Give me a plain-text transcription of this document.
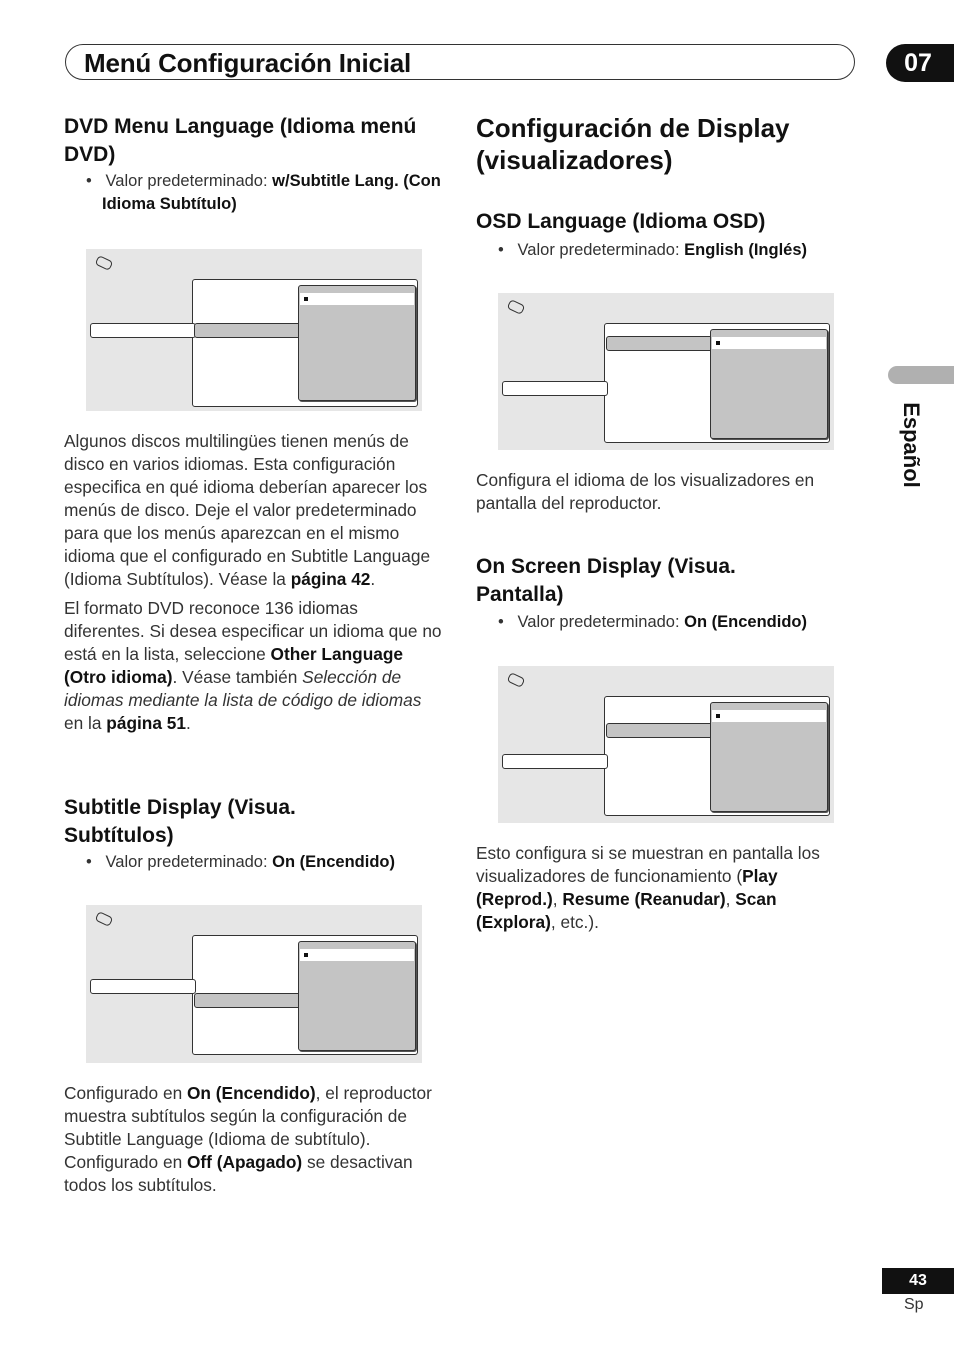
Menú Configuración Inicial	07
Español
DVD Menu Language (Idioma menú DVD)
•   Valor predeterminado: w/Subtitle Lang. (Con Idioma Subtítulo)

Algunos discos multilingües tienen menús de disco en varios idiomas. Esta configuración especifica en qué idioma deberían aparecer los menús de disco. Deje el valor predeterminado para que los menús aparezcan en el mismo idioma que el configurado en Subtitle Language (Idioma Subtítulos). Véase la página 42.

El formato DVD reconoce 136 idiomas diferentes. Si desea especificar un idioma que no está en la lista, seleccione Other Language (Otro idioma). Véase también Selección de idiomas mediante la lista de código de idiomas en la página 51.

Subtitle Display (Visua. Subtítulos)
•   Valor predeterminado: On (Encendido)

Configurado en On (Encendido), el reproductor muestra subtítulos según la configuración de Subtitle Language (Idioma de subtítulo). Configurado en Off (Apagado) se desactivan todos los subtítulos.

Configuración de Display (visualizadores)
OSD Language (Idioma OSD)
•   Valor predeterminado: English (Inglés)

Configura el idioma de los visualizadores en pantalla del reproductor.

On Screen Display (Visua. Pantalla)
•   Valor predeterminado: On (Encendido)

Esto configura si se muestran en pantalla los visualizadores de funcionamiento (Play (Reprod.), Resume (Reanudar), Scan (Explora), etc.).

43
Sp
